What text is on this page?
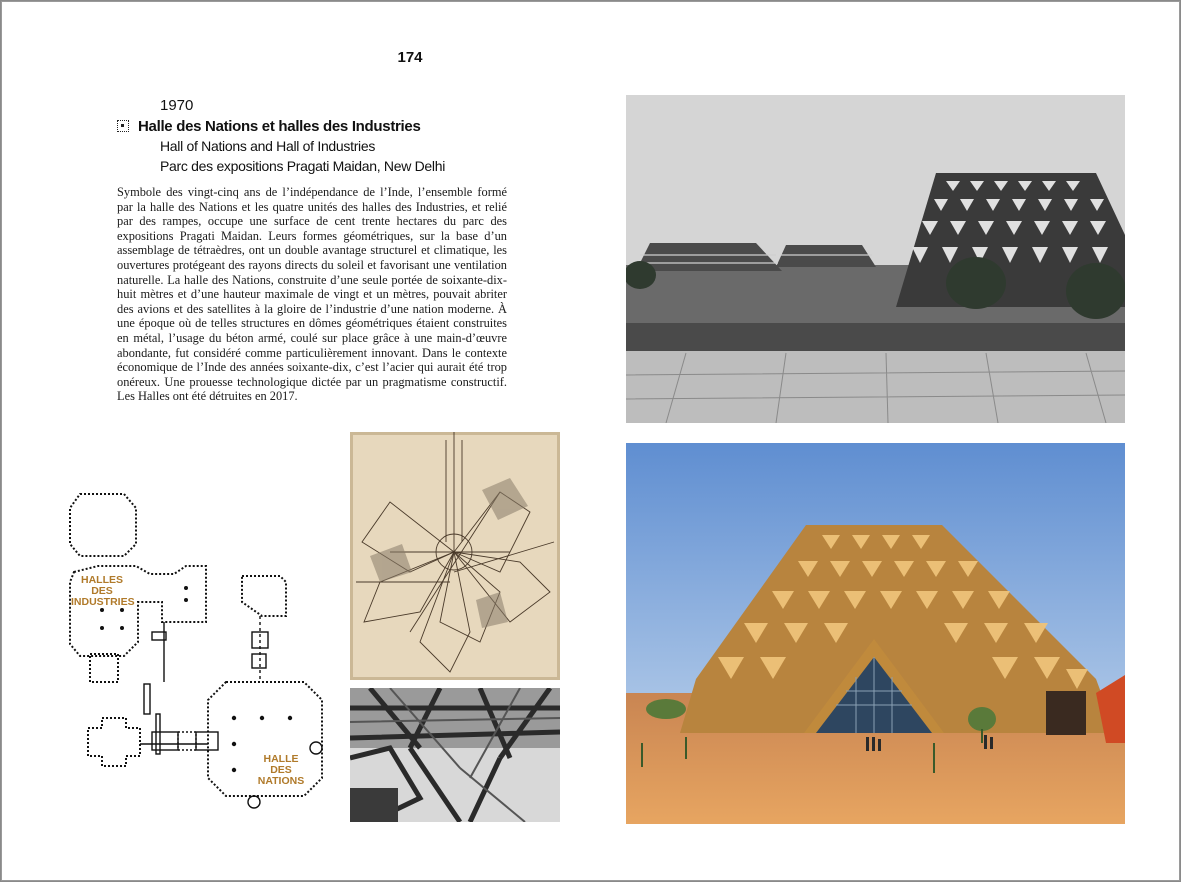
174
1970
Halle des Nations et halles des Industries
Hall of Nations and Hall of Industries
Parc des expositions Pragati Maidan, New Delhi
Symbole des vingt-cinq ans de l’indépendance de l’Inde, l’ensemble formé par la halle des Nations et les quatre unités des halles des Industries, et relié par des rampes, occupe une surface de cent trente hectares du parc des expositions Pragati Maidan. Leurs formes géométriques, sur la base d’un assemblage de tétraèdres, ont un double avantage structurel et climatique, les ouvertures protégeant des rayons directs du soleil et favorisant une ventilation naturelle. La halle des Nations, construite d’une seule portée de soixante-dix-huit mètres et d’une hauteur maximale de vingt et un mètres, pouvait abriter des avions et des satellites à la gloire de l’industrie d’une nation moderne. À une époque où de telles structures en dômes géométriques étaient construites en métal, l’usage du béton armé, coulé sur place grâce à une main-d’œuvre abondante, fut considéré comme particulièrement innovant. Dans le contexte économique de l’Inde des années soixante-dix, c’est l’acier qui aurait été trop onéreux. Une prouesse technologique dictée par un pragmatisme constructif. Les Halles ont été détruites en 2017.
HALLES DES
INDUSTRIES
HALLE
DES NATIONS
